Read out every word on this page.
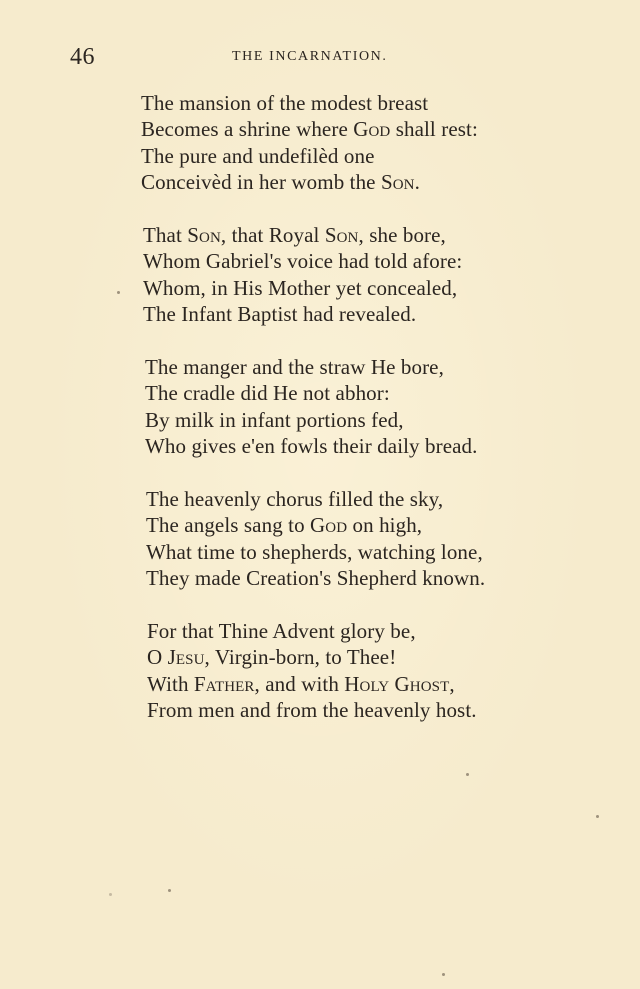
46	THE INCARNATION.
The mansion of the modest breast
Becomes a shrine where God shall rest:
The pure and undefilèd one
Conceivèd in her womb the Son.
That Son, that Royal Son, she bore,
Whom Gabriel's voice had told afore:
Whom, in His Mother yet concealed,
The Infant Baptist had revealed.
The manger and the straw He bore,
The cradle did He not abhor:
By milk in infant portions fed,
Who gives e'en fowls their daily bread.
The heavenly chorus filled the sky,
The angels sang to God on high,
What time to shepherds, watching lone,
They made Creation's Shepherd known.
For that Thine Advent glory be,
O Jesu, Virgin-born, to Thee!
With Father, and with Holy Ghost,
From men and from the heavenly host.
